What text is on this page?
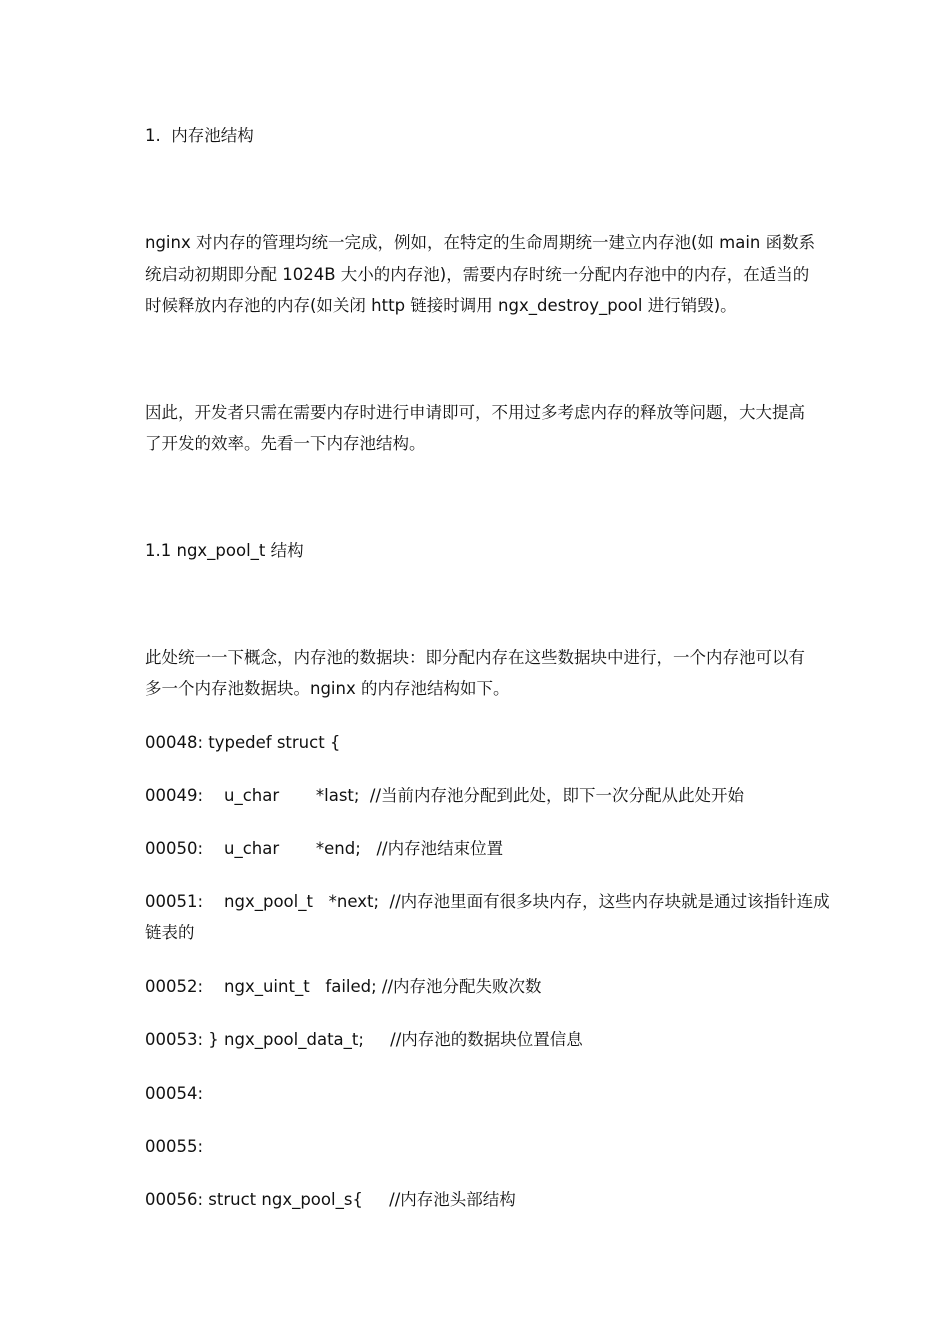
1.  内存池结构
nginx 对内存的管理均统一完成，例如，在特定的生命周期统一建立内存池(如 main 函数系
统启动初期即分配 1024B 大小的内存池)，需要内存时统一分配内存池中的内存，在适当的
时候释放内存池的内存(如关闭 http 链接时调用 ngx_destroy_pool 进行销毁)。
因此，开发者只需在需要内存时进行申请即可，不用过多考虑内存的释放等问题，大大提高
了开发的效率。先看一下内存池结构。
1.1 ngx_pool_t 结构
此处统一一下概念，内存池的数据块：即分配内存在这些数据块中进行，一个内存池可以有
多一个内存池数据块。nginx 的内存池结构如下。
00048: typedef struct {
00049:    u_char       *last;  //当前内存池分配到此处，即下一次分配从此处开始
00050:    u_char       *end;   //内存池结束位置
00051:    ngx_pool_t   *next;  //内存池里面有很多块内存，这些内存块就是通过该指针连成
链表的
00052:    ngx_uint_t   failed; //内存池分配失败次数
00053: } ngx_pool_data_t;     //内存池的数据块位置信息
00054:
00055:
00056: struct ngx_pool_s{     //内存池头部结构
